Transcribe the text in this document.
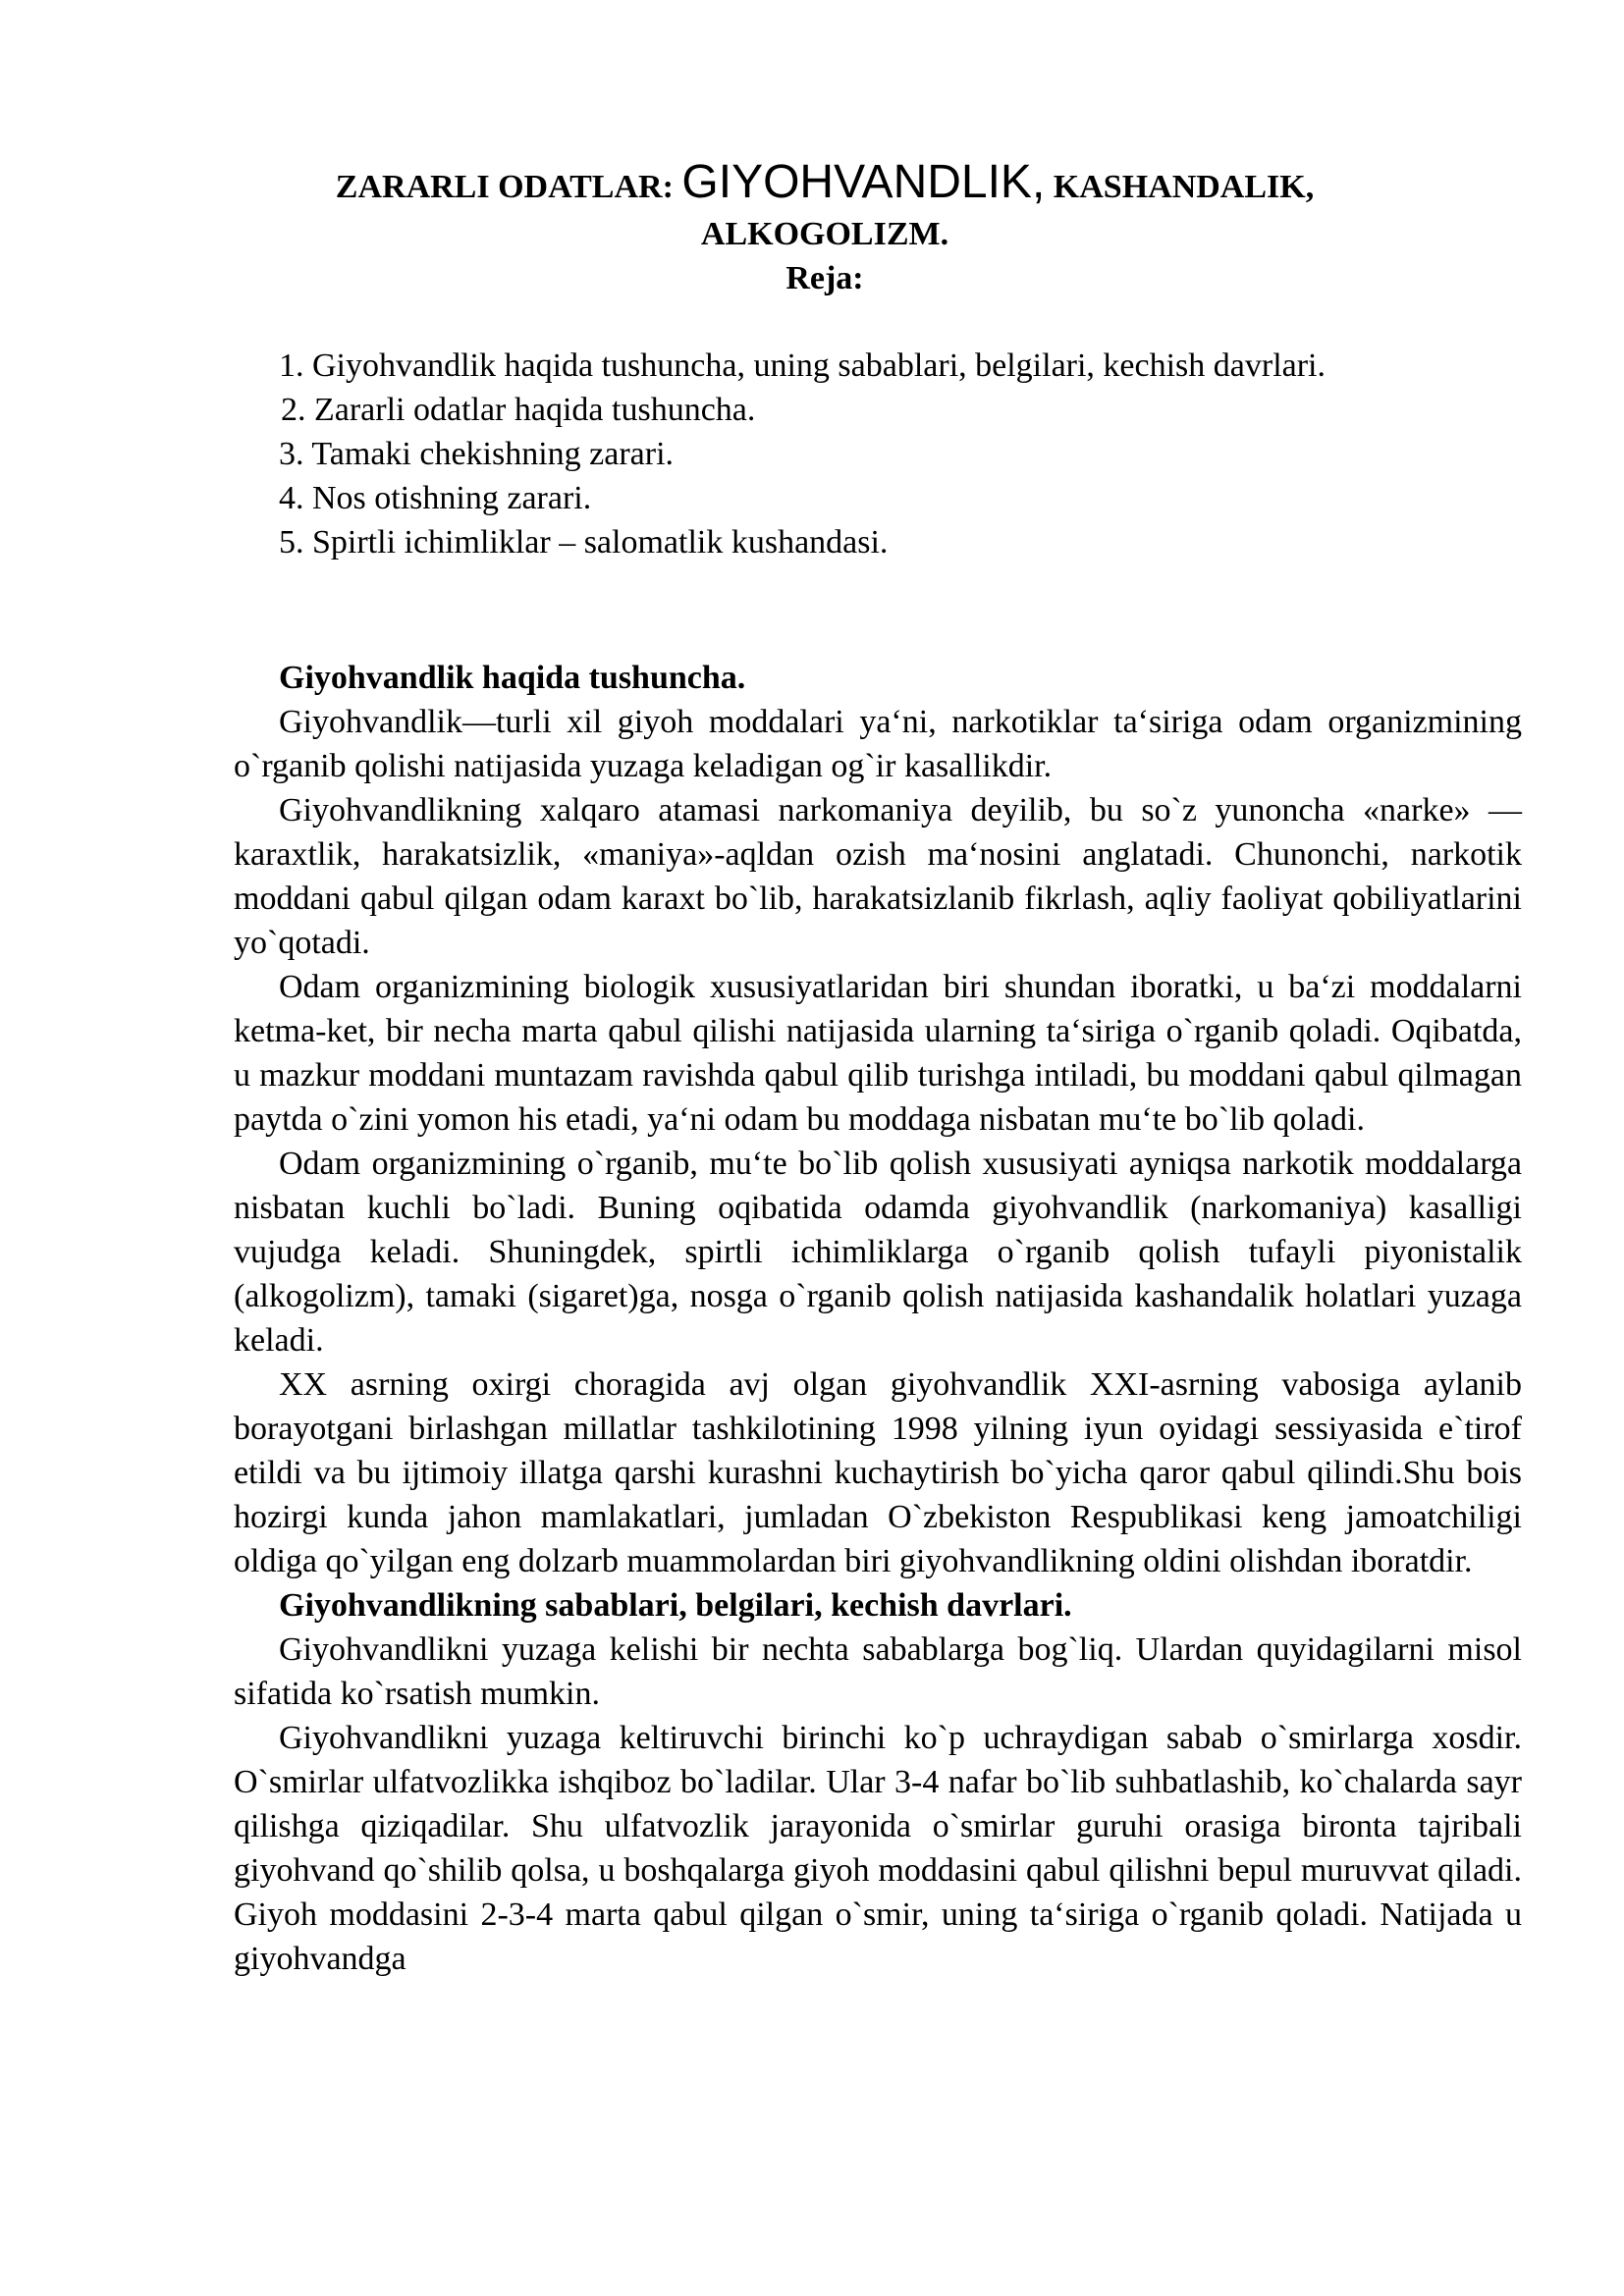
ZARARLI ODATLAR: GIYOHVANDLIK, KASHANDALIK,
ALKOGOLIZM.
Reja:
1. Giyohvandlik haqida tushuncha, uning sabablari, belgilari, kechish davrlari.
2. Zararli odatlar haqida tushuncha.
3. Tamaki chekishning zarari.
4. Nos otishning zarari.
5. Spirtli ichimliklar – salomatlik kushandasi.
Giyohvandlik haqida tushuncha.

Giyohvandlik—turli xil giyoh moddalari ya‘ni, narkotiklar ta‘siriga odam organizmining o`rganib qolishi natijasida yuzaga keladigan og`ir kasallikdir.

Giyohvandlikning xalqaro atamasi narkomaniya deyilib, bu so`z yunoncha «narke» — karaxtlik, harakatsizlik, «maniya»-aqldan ozish ma‘nosini anglatadi. Chunonchi, narkotik moddani qabul qilgan odam karaxt bo`lib, harakatsizlanib fikrlash, aqliy faoliyat qobiliyatlarini yo`qotadi.

Odam organizmining biologik xususiyatlaridan biri shundan iboratki, u ba‘zi moddalarni ketma-ket, bir necha marta qabul qilishi natijasida ularning ta‘siriga o`rganib qoladi. Oqibatda, u mazkur moddani muntazam ravishda qabul qilib turishga intiladi, bu moddani qabul qilmagan paytda o`zini yomon his etadi, ya‘ni odam bu moddaga nisbatan mu‘te bo`lib qoladi.

Odam organizmining o`rganib, mu‘te bo`lib qolish xususiyati ayniqsa narkotik moddalarga nisbatan kuchli bo`ladi. Buning oqibatida odamda giyohvandlik (narkomaniya) kasalligi vujudga keladi. Shuningdek, spirtli ichimliklarga o`rganib qolish tufayli piyonistalik (alkogolizm), tamaki (sigaret)ga, nosga o`rganib qolish natijasida kashandalik holatlari yuzaga keladi.

XX asrning oxirgi choragida avj olgan giyohvandlik XXI-asrning vabosiga aylanib borayotgani birlashgan millatlar tashkilotining 1998 yilning iyun oyidagi sessiyasida e`tirof etildi va bu ijtimoiy illatga qarshi kurashni kuchaytirish bo`yicha qaror qabul qilindi.Shu bois hozirgi kunda jahon mamlakatlari, jumladan O`zbekiston Respublikasi keng jamoatchiligi oldiga qo`yilgan eng dolzarb muammolardan biri giyohvandlikning oldini olishdan iboratdir.

Giyohvandlikning sabablari, belgilari, kechish davrlari.

Giyohvandlikni yuzaga kelishi bir nechta sabablarga bog`liq. Ulardan quyidagilarni misol sifatida ko`rsatish mumkin.

Giyohvandlikni yuzaga keltiruvchi birinchi ko`p uchraydigan sabab o`smirlarga xosdir. O`smirlar ulfatvozlikka ishqiboz bo`ladilar. Ular 3-4 nafar bo`lib suhbatlashib, ko`chalarda sayr qilishga qiziqadilar. Shu ulfatvozlik jarayonida o`smirlar guruhi orasiga bironta tajribali giyohvand qo`shilib qolsa, u boshqalarga giyoh moddasini qabul qilishni bepul muruvvat qiladi. Giyoh moddasini 2-3-4 marta qabul qilgan o`smir, uning ta‘siriga o`rganib qoladi. Natijada u giyohvandga
